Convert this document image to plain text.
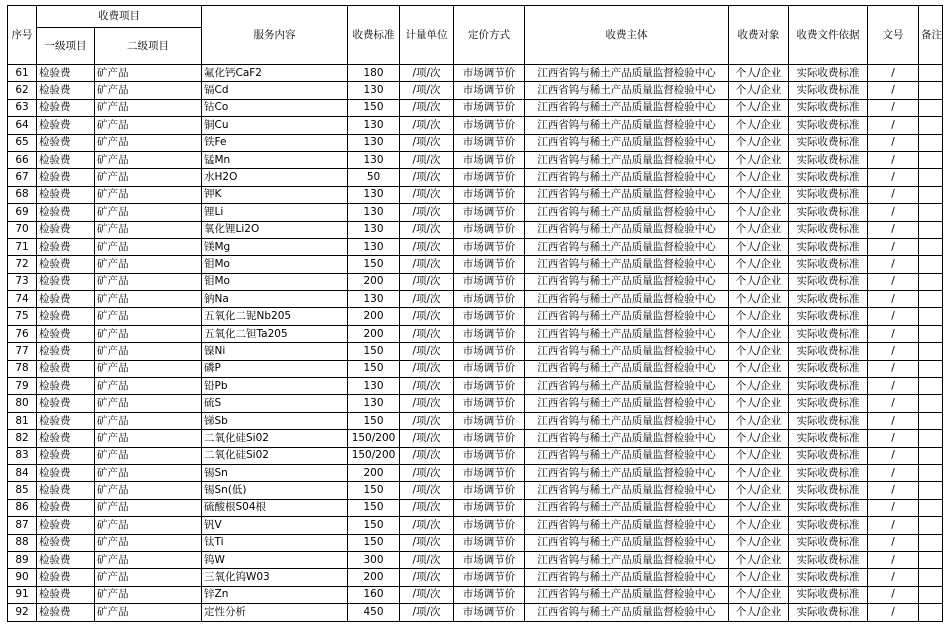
序号	收费项目		服务内容	收费标准	计量单位	定价方式	收费主体	收费对象	收费文件依据	文号	备注
	一级项目	二级项目									
61	检验费	矿产品	氟化钙CaF2	180	/项/次	市场调节价	江西省钨与稀土产品质量监督检验中心	个人/企业	实际收费标准	/	
62	检验费	矿产品	镉Cd	130	/项/次	市场调节价	江西省钨与稀土产品质量监督检验中心	个人/企业	实际收费标准	/	
63	检验费	矿产品	钴Co	150	/项/次	市场调节价	江西省钨与稀土产品质量监督检验中心	个人/企业	实际收费标准	/	
64	检验费	矿产品	铜Cu	130	/项/次	市场调节价	江西省钨与稀土产品质量监督检验中心	个人/企业	实际收费标准	/	
65	检验费	矿产品	铁Fe	130	/项/次	市场调节价	江西省钨与稀土产品质量监督检验中心	个人/企业	实际收费标准	/	
66	检验费	矿产品	锰Mn	130	/项/次	市场调节价	江西省钨与稀土产品质量监督检验中心	个人/企业	实际收费标准	/	
67	检验费	矿产品	水H2O	50	/项/次	市场调节价	江西省钨与稀土产品质量监督检验中心	个人/企业	实际收费标准	/	
68	检验费	矿产品	钾K	130	/项/次	市场调节价	江西省钨与稀土产品质量监督检验中心	个人/企业	实际收费标准	/	
69	检验费	矿产品	锂Li	130	/项/次	市场调节价	江西省钨与稀土产品质量监督检验中心	个人/企业	实际收费标准	/	
70	检验费	矿产品	氧化锂Li2O	130	/项/次	市场调节价	江西省钨与稀土产品质量监督检验中心	个人/企业	实际收费标准	/	
71	检验费	矿产品	镁Mg	130	/项/次	市场调节价	江西省钨与稀土产品质量监督检验中心	个人/企业	实际收费标准	/	
72	检验费	矿产品	钼Mo	150	/项/次	市场调节价	江西省钨与稀土产品质量监督检验中心	个人/企业	实际收费标准	/	
73	检验费	矿产品	钼Mo	200	/项/次	市场调节价	江西省钨与稀土产品质量监督检验中心	个人/企业	实际收费标准	/	
74	检验费	矿产品	钠Na	130	/项/次	市场调节价	江西省钨与稀土产品质量监督检验中心	个人/企业	实际收费标准	/	
75	检验费	矿产品	五氧化二铌Nb205	200	/项/次	市场调节价	江西省钨与稀土产品质量监督检验中心	个人/企业	实际收费标准	/	
76	检验费	矿产品	五氧化二钽Ta205	200	/项/次	市场调节价	江西省钨与稀土产品质量监督检验中心	个人/企业	实际收费标准	/	
77	检验费	矿产品	镍Ni	150	/项/次	市场调节价	江西省钨与稀土产品质量监督检验中心	个人/企业	实际收费标准	/	
78	检验费	矿产品	磷P	150	/项/次	市场调节价	江西省钨与稀土产品质量监督检验中心	个人/企业	实际收费标准	/	
79	检验费	矿产品	铅Pb	130	/项/次	市场调节价	江西省钨与稀土产品质量监督检验中心	个人/企业	实际收费标准	/	
80	检验费	矿产品	硫S	130	/项/次	市场调节价	江西省钨与稀土产品质量监督检验中心	个人/企业	实际收费标准	/	
81	检验费	矿产品	锑Sb	150	/项/次	市场调节价	江西省钨与稀土产品质量监督检验中心	个人/企业	实际收费标准	/	
82	检验费	矿产品	二氧化硅Si02	150/200	/项/次	市场调节价	江西省钨与稀土产品质量监督检验中心	个人/企业	实际收费标准	/	
83	检验费	矿产品	二氧化硅Si02	150/200	/项/次	市场调节价	江西省钨与稀土产品质量监督检验中心	个人/企业	实际收费标准	/	
84	检验费	矿产品	锡Sn	200	/项/次	市场调节价	江西省钨与稀土产品质量监督检验中心	个人/企业	实际收费标准	/	
85	检验费	矿产品	锡Sn(低)	150	/项/次	市场调节价	江西省钨与稀土产品质量监督检验中心	个人/企业	实际收费标准	/	
86	检验费	矿产品	硫酸根S04根	150	/项/次	市场调节价	江西省钨与稀土产品质量监督检验中心	个人/企业	实际收费标准	/	
87	检验费	矿产品	钒V	150	/项/次	市场调节价	江西省钨与稀土产品质量监督检验中心	个人/企业	实际收费标准	/	
88	检验费	矿产品	钛Ti	150	/项/次	市场调节价	江西省钨与稀土产品质量监督检验中心	个人/企业	实际收费标准	/	
89	检验费	矿产品	钨W	300	/项/次	市场调节价	江西省钨与稀土产品质量监督检验中心	个人/企业	实际收费标准	/	
90	检验费	矿产品	三氧化钨W03	200	/项/次	市场调节价	江西省钨与稀土产品质量监督检验中心	个人/企业	实际收费标准	/	
91	检验费	矿产品	锌Zn	160	/项/次	市场调节价	江西省钨与稀土产品质量监督检验中心	个人/企业	实际收费标准	/	
92	检验费	矿产品	定性分析	450	/项/次	市场调节价	江西省钨与稀土产品质量监督检验中心	个人/企业	实际收费标准	/	
